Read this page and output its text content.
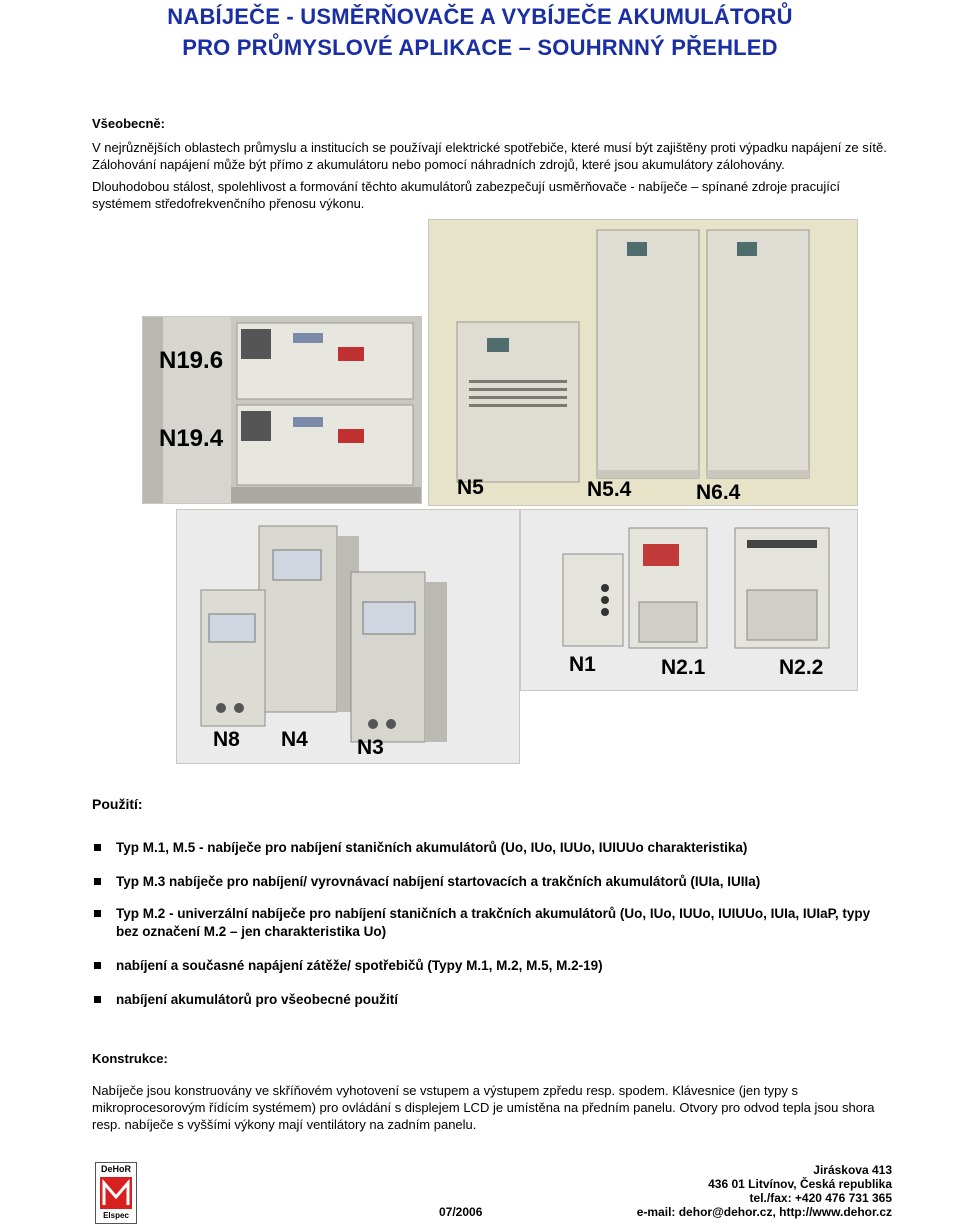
NABÍJEČE - USMĚRŇOVAČE A VYBÍJEČE AKUMULÁTORŮ
PRO PRŮMYSLOVÉ APLIKACE – SOUHRNNÝ PŘEHLED
Všeobecně:

V nejrůznějších oblastech průmyslu a institucích se používají elektrické spotřebiče, které musí být zajištěny proti výpadku napájení ze sítě. Zálohování napájení může být přímo z akumulátoru nebo pomocí náhradních zdrojů, které jsou akumulátory zálohovány.

Dlouhodobou stálost, spolehlivost a formování těchto akumulátorů zabezpečují usměrňovače - nabíječe – spínané zdroje pracující systémem středofrekvenčního přenosu výkonu.

N19.6
N19.4
N5	N5.4	N6.4
N8 N4 N3
N1	N2.1	N2.2
Použití:
Typ M.1, M.5 - nabíječe pro nabíjení staničních akumulátorů (Uo, IUo, IUUo, IUIUUo charakteristika)
Typ M.3 nabíječe pro nabíjení/ vyrovnávací nabíjení startovacích a trakčních akumulátorů (IUIa, IUIIa)
Typ M.2 - univerzální nabíječe pro nabíjení staničních a trakčních akumulátorů (Uo, IUo, IUUo, IUIUUo, IUIa, IUIaP, typy bez označení M.2 – jen charakteristika Uo)
nabíjení a současné napájení zátěže/ spotřebičů (Typy M.1, M.2, M.5, M.2-19)
nabíjení akumulátorů pro všeobecné použití
Konstrukce:

Nabíječe jsou konstruovány ve skříňovém vyhotovení se vstupem a výstupem zpředu resp. spodem. Klávesnice (jen typy s mikroprocesorovým řídícím systémem) pro ovládání s displejem LCD je umístěna na předním panelu. Otvory pro odvod tepla jsou shora resp. nabíječe s vyššími výkony mají ventilátory na zadním panelu.

DeHoR
Elspec	07/2006
Jiráskova 413
436 01 Litvínov, Česká republika
tel./fax: +420 476 731 365
e-mail: dehor@dehor.cz, http://www.dehor.cz
